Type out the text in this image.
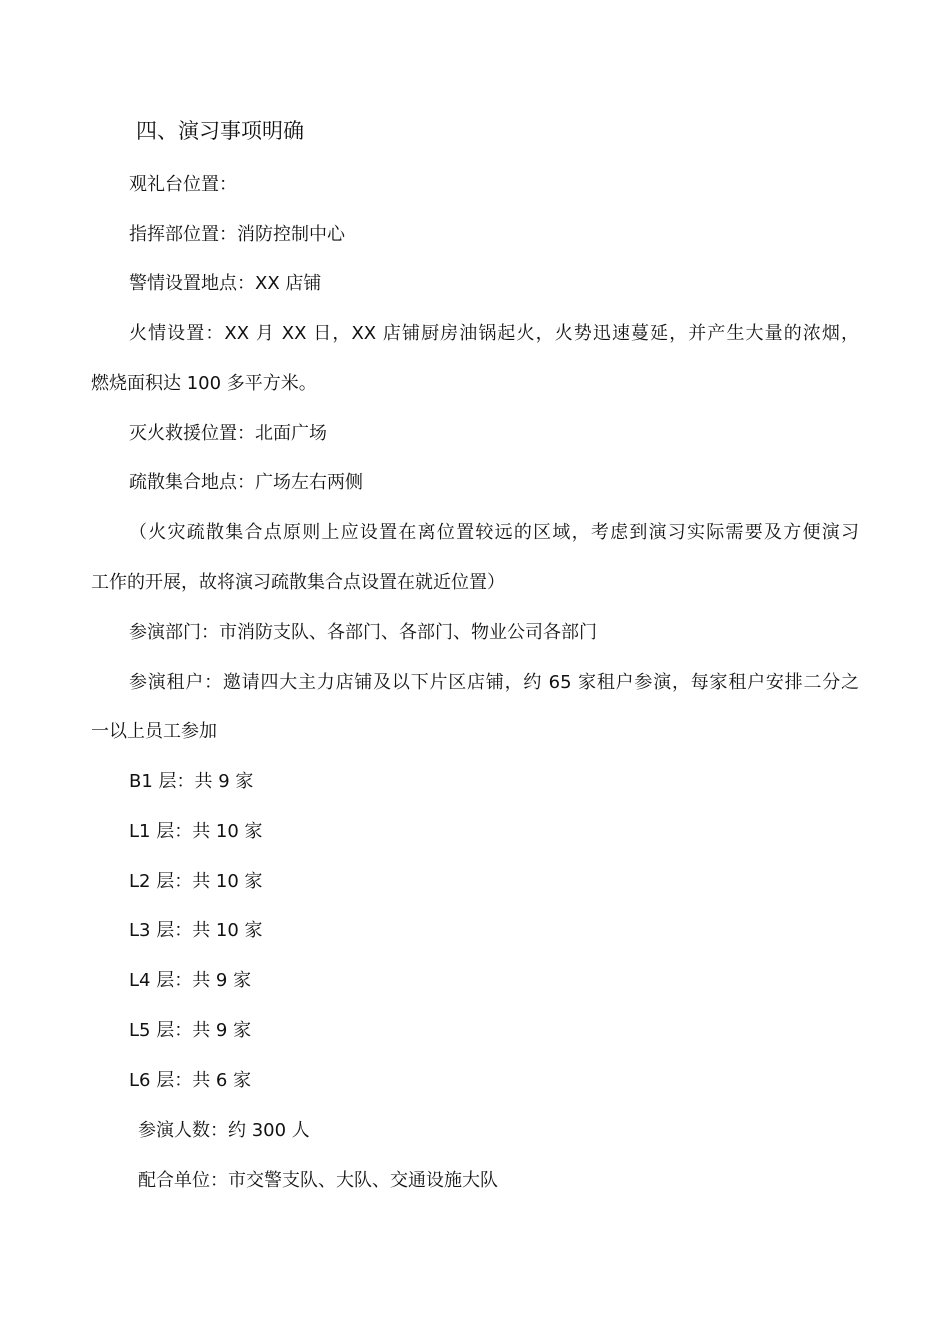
四、演习事项明确
观礼台位置：
指挥部位置：消防控制中心
警情设置地点：XX 店铺
火情设置：XX 月 XX 日，XX 店铺厨房油锅起火，火势迅速蔓延，并产生大量的浓烟，
燃烧面积达 100 多平方米。
灭火救援位置：北面广场
疏散集合地点：广场左右两侧
（火灾疏散集合点原则上应设置在离位置较远的区域，考虑到演习实际需要及方便演习
工作的开展，故将演习疏散集合点设置在就近位置）
参演部门：市消防支队、各部门、各部门、物业公司各部门
参演租户：邀请四大主力店铺及以下片区店铺，约 65 家租户参演，每家租户安排二分之
一以上员工参加
B1 层：共 9 家
L1 层：共 10 家
L2 层：共 10 家
L3 层：共 10 家
L4 层：共 9 家
L5 层：共 9 家
L6 层：共 6 家
参演人数：约 300 人
配合单位：市交警支队、大队、交通设施大队
